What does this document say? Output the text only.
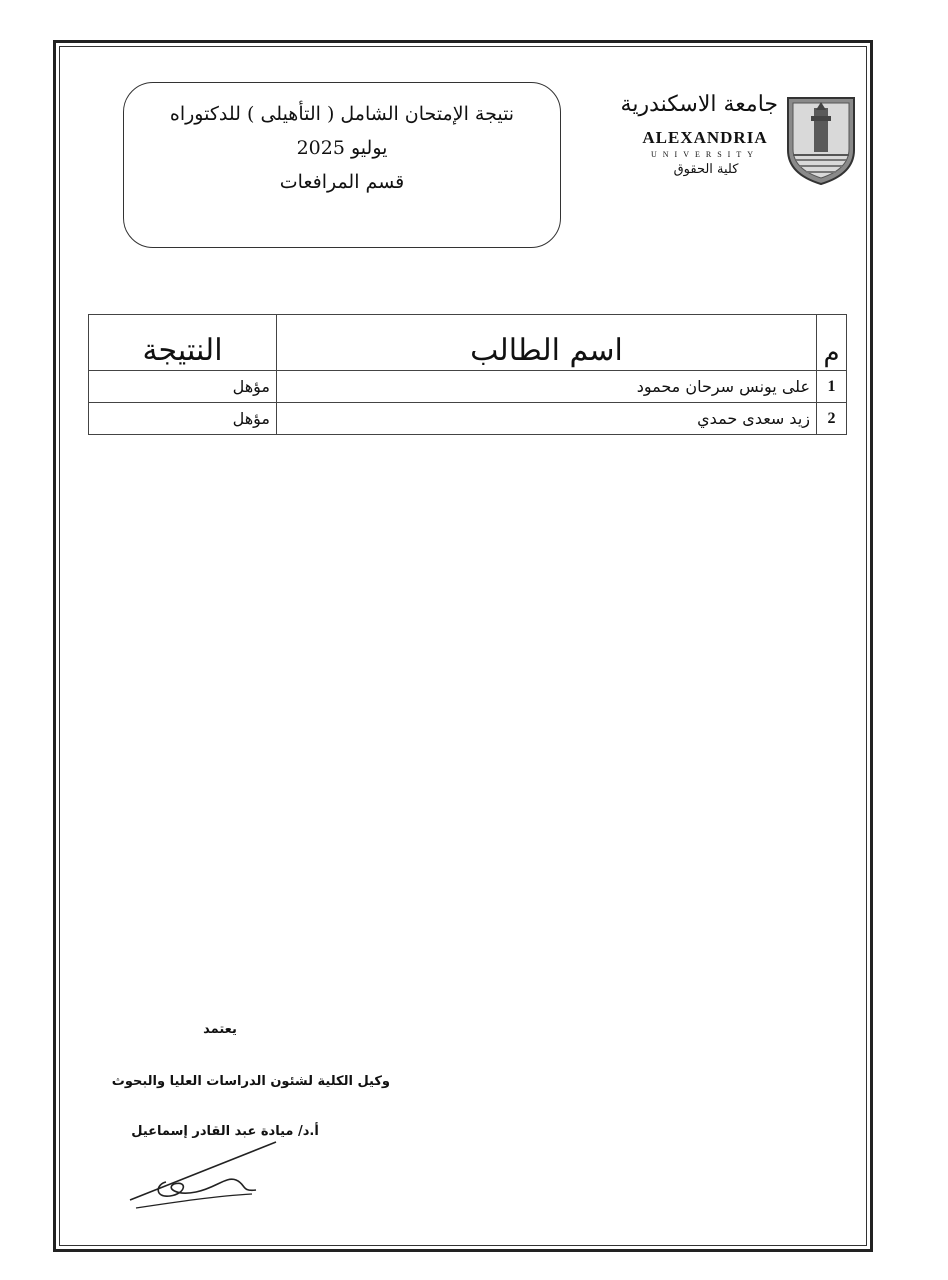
نتيجة الإمتحان الشامل ( التأهيلى ) للدكتوراه
يوليو 2025
قسم المرافعات
جامعة الاسكندرية
ALEXANDRIA
UNIVERSITY
كلية الحقوق
م	اسم الطالب	النتيجة
1	على يونس سرحان محمود	مؤهل
2	زيد سعدى حمدي	مؤهل
يعتمد
وكيل الكلية لشئون الدراسات العليا والبحوث
أ.د/ ميادة عبد القادر إسماعيل
